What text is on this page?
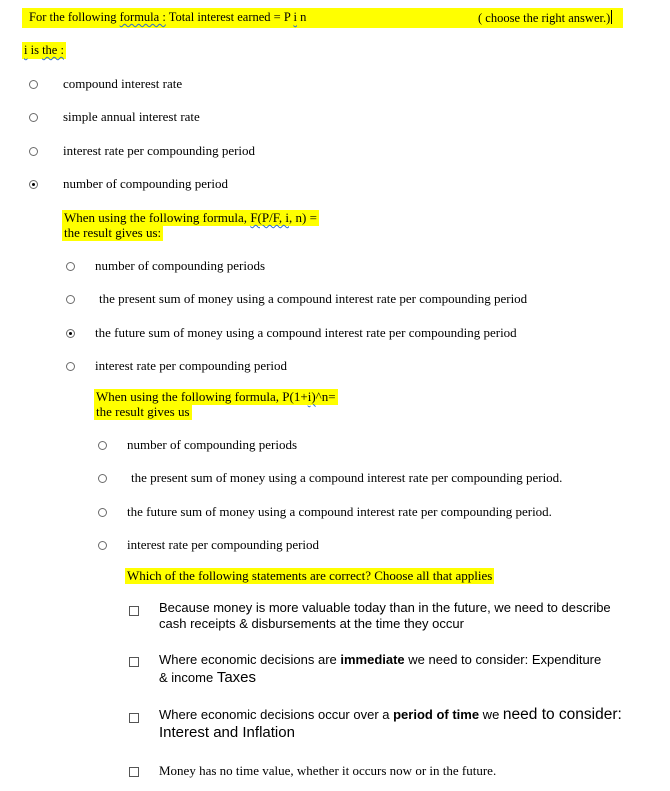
For the following formula : Total interest earned = P i n	( choose the right answer.)
i is the :
compound interest rate
simple annual interest rate
interest rate per compounding period
number of compounding period
When using the following formula, F(P/F, i, n) =
the result gives us:
number of compounding periods
the present sum of money using a compound interest rate per compounding period
the future sum of money using a compound interest rate per compounding period
interest rate per compounding period
When using the following formula, P(1+i)^n=
the result gives us
number of compounding periods
the present sum of money using a compound interest rate per compounding period.
the future sum of money using a compound interest rate per compounding period.
interest rate per compounding period
Which of the following statements are correct? Choose all that applies
Because money is more valuable today than in the future, we need to describe
cash receipts & disbursements at the time they occur
Where economic decisions are immediate we need to consider: Expenditure
& income Taxes
Where economic decisions occur over a period of time we need to consider:
Interest and Inflation
Money has no time value, whether it occurs now or in the future.
